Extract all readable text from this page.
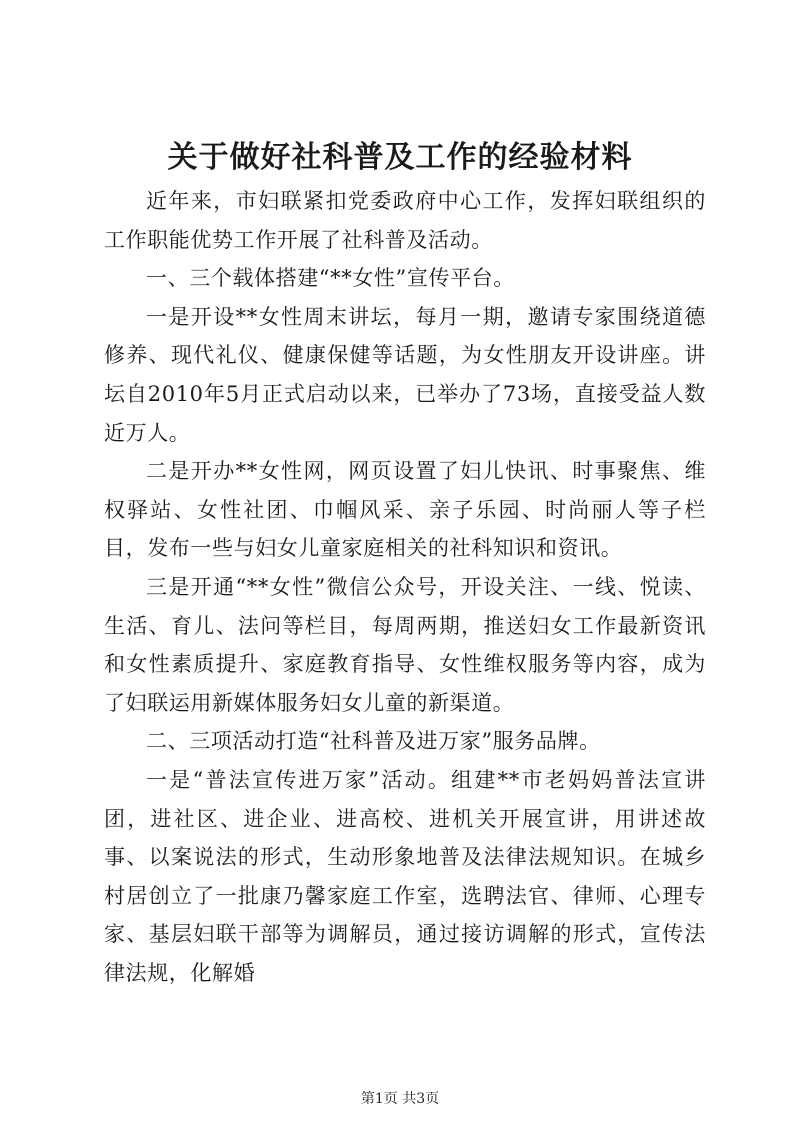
关于做好社科普及工作的经验材料

近年来，市妇联紧扣党委政府中心工作，发挥妇联组织的工作职能优势工作开展了社科普及活动。

一、三个载体搭建“**女性”宣传平台。

一是开设**女性周末讲坛，每月一期，邀请专家围绕道德修养、现代礼仪、健康保健等话题，为女性朋友开设讲座。讲坛自2010年5月正式启动以来，已举办了73场，直接受益人数近万人。

二是开办**女性网，网页设置了妇儿快讯、时事聚焦、维权驿站、女性社团、巾帼风采、亲子乐园、时尚丽人等子栏目，发布一些与妇女儿童家庭相关的社科知识和资讯。

三是开通“**女性”微信公众号，开设关注、一线、悦读、生活、育儿、法问等栏目，每周两期，推送妇女工作最新资讯和女性素质提升、家庭教育指导、女性维权服务等内容，成为了妇联运用新媒体服务妇女儿童的新渠道。

二、三项活动打造“社科普及进万家”服务品牌。

一是“普法宣传进万家”活动。组建**市老妈妈普法宣讲团，进社区、进企业、进高校、进机关开展宣讲，用讲述故事、以案说法的形式，生动形象地普及法律法规知识。在城乡村居创立了一批康乃馨家庭工作室，选聘法官、律师、心理专家、基层妇联干部等为调解员，通过接访调解的形式，宣传法律法规，化解婚

第1页 共3页
